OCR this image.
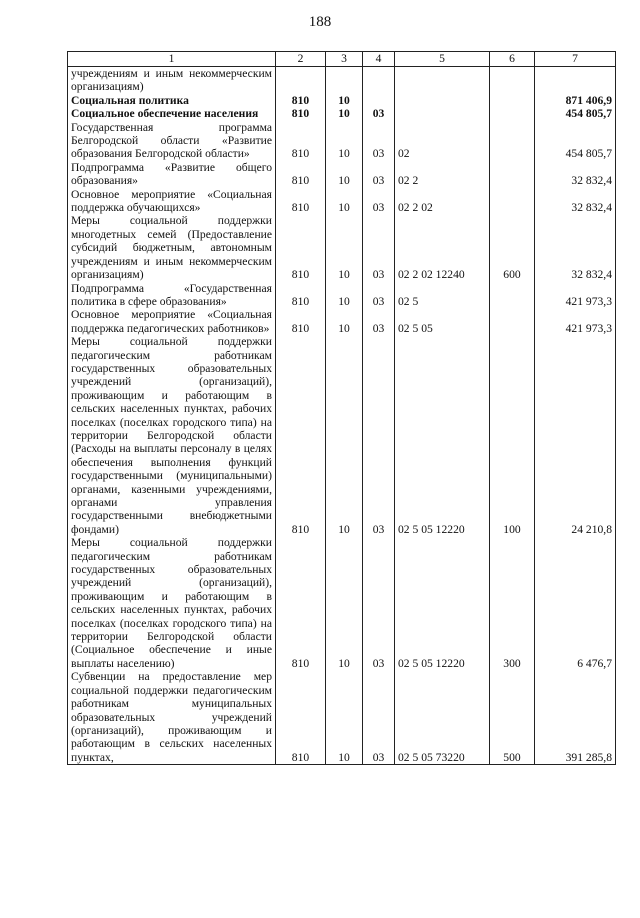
188
1	2	3	4	5	6	7
учреждениям и иным некоммерческим организациям)						
Социальная политика	810	10				871 406,9
Социальное обеспечение населения	810	10	03			454 805,7
Государственная программа Белгородской области «Развитие образования Белгородской области»	810	10	03	02		454 805,7
Подпрограмма «Развитие общего образования»	810	10	03	02 2		32 832,4
Основное мероприятие «Социальная поддержка обучающихся»	810	10	03	02 2 02		32 832,4
Меры социальной поддержки многодетных семей (Предоставление субсидий бюджетным, автономным учреждениям и иным некоммерческим организациям)	810	10	03	02 2 02 12240	600	32 832,4
Подпрограмма «Государственная политика в сфере образования»	810	10	03	02 5		421 973,3
Основное мероприятие «Социальная поддержка педагогических работников»	810	10	03	02 5 05		421 973,3
Меры социальной поддержки педагогическим работникам государственных образовательных учреждений (организаций), проживающим и работающим в сельских населенных пунктах, рабочих поселках (поселках городского типа) на территории Белгородской области (Расходы на выплаты персоналу в целях обеспечения выполнения функций государственными (муниципальными) органами, казенными учреждениями, органами управления государственными внебюджетными фондами)	810	10	03	02 5 05 12220	100	24 210,8
Меры социальной поддержки педагогическим работникам государственных образовательных учреждений (организаций), проживающим и работающим в сельских населенных пунктах, рабочих поселках (поселках городского типа) на территории Белгородской области (Социальное обеспечение и иные выплаты населению)	810	10	03	02 5 05 12220	300	6 476,7
Субвенции на предоставление мер социальной поддержки педагогическим работникам муниципальных образовательных учреждений (организаций), проживающим и работающим в сельских населенных пунктах,	810	10	03	02 5 05 73220	500	391 285,8
